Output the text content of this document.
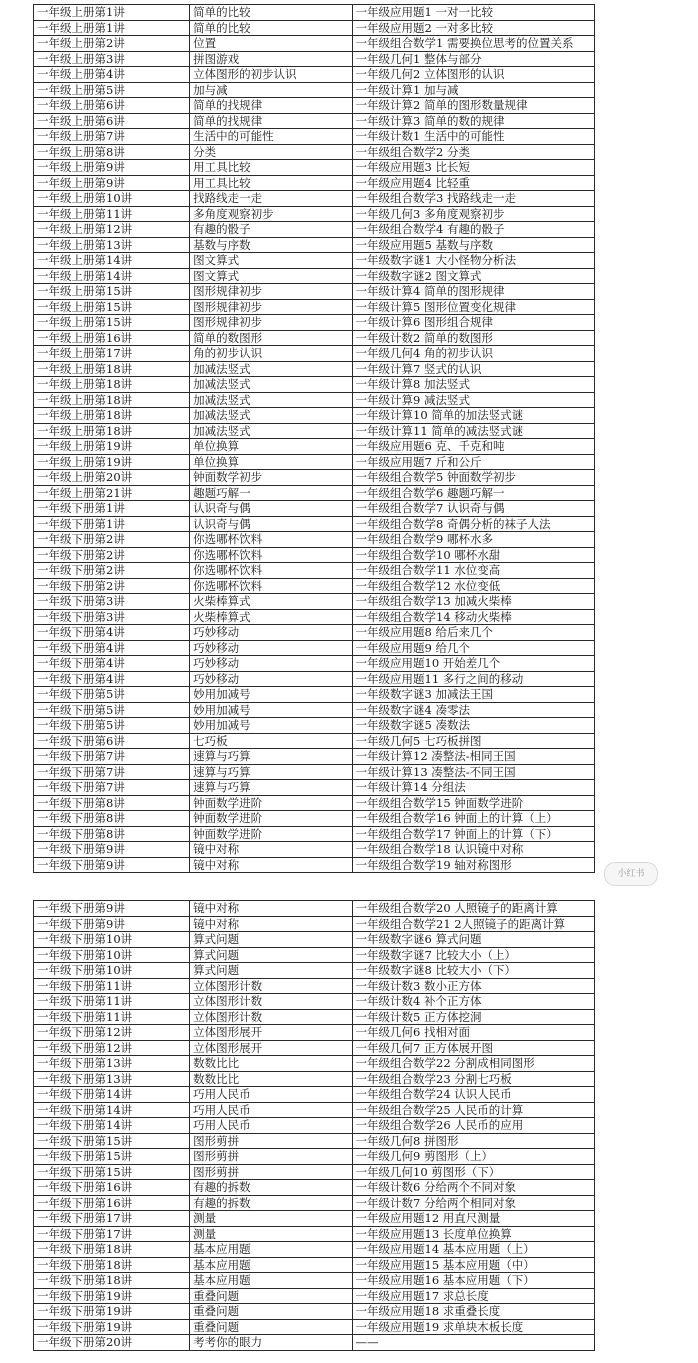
一年级上册第1讲	简单的比较	一年级应用题1 一对一比较
一年级上册第1讲	简单的比较	一年级应用题2 一对多比较
一年级上册第2讲	位置	一年级组合数学1 需要换位思考的位置关系
一年级上册第3讲	拼图游戏	一年级几何1 整体与部分
一年级上册第4讲	立体图形的初步认识	一年级几何2 立体图形的认识
一年级上册第5讲	加与减	一年级计算1 加与减
一年级上册第6讲	简单的找规律	一年级计算2 简单的图形数量规律
一年级上册第6讲	简单的找规律	一年级计算3 简单的数的规律
一年级上册第7讲	生活中的可能性	一年级计数1 生活中的可能性
一年级上册第8讲	分类	一年级组合数学2 分类
一年级上册第9讲	用工具比较	一年级应用题3 比长短
一年级上册第9讲	用工具比较	一年级应用题4 比轻重
一年级上册第10讲	找路线走一走	一年级组合数学3 找路线走一走
一年级上册第11讲	多角度观察初步	一年级几何3 多角度观察初步
一年级上册第12讲	有趣的骰子	一年级组合数学4 有趣的骰子
一年级上册第13讲	基数与序数	一年级应用题5 基数与序数
一年级上册第14讲	图文算式	一年级数字谜1 大小怪物分析法
一年级上册第14讲	图文算式	一年级数字谜2 图文算式
一年级上册第15讲	图形规律初步	一年级计算4 简单的图形规律
一年级上册第15讲	图形规律初步	一年级计算5 图形位置变化规律
一年级上册第15讲	图形规律初步	一年级计算6 图形组合规律
一年级上册第16讲	简单的数图形	一年级计数2 简单的数图形
一年级上册第17讲	角的初步认识	一年级几何4 角的初步认识
一年级上册第18讲	加减法竖式	一年级计算7 竖式的认识
一年级上册第18讲	加减法竖式	一年级计算8 加法竖式
一年级上册第18讲	加减法竖式	一年级计算9 减法竖式
一年级上册第18讲	加减法竖式	一年级计算10 简单的加法竖式谜
一年级上册第18讲	加减法竖式	一年级计算11 简单的减法竖式谜
一年级上册第19讲	单位换算	一年级应用题6 克、千克和吨
一年级上册第19讲	单位换算	一年级应用题7 斤和公斤
一年级上册第20讲	钟面数学初步	一年级组合数学5 钟面数学初步
一年级上册第21讲	趣题巧解一	一年级组合数学6 趣题巧解一
一年级下册第1讲	认识奇与偶	一年级组合数学7 认识奇与偶
一年级下册第1讲	认识奇与偶	一年级组合数学8 奇偶分析的袜子人法
一年级下册第2讲	你选哪杯饮料	一年级组合数学9 哪杯水多
一年级下册第2讲	你选哪杯饮料	一年级组合数学10 哪杯水甜
一年级下册第2讲	你选哪杯饮料	一年级组合数学11 水位变高
一年级下册第2讲	你选哪杯饮料	一年级组合数学12 水位变低
一年级下册第3讲	火柴棒算式	一年级组合数学13 加减火柴棒
一年级下册第3讲	火柴棒算式	一年级组合数学14 移动火柴棒
一年级下册第4讲	巧妙移动	一年级应用题8 给后来几个
一年级下册第4讲	巧妙移动	一年级应用题9 给几个
一年级下册第4讲	巧妙移动	一年级应用题10 开始差几个
一年级下册第4讲	巧妙移动	一年级应用题11 多行之间的移动
一年级下册第5讲	妙用加减号	一年级数字谜3 加减法王国
一年级下册第5讲	妙用加减号	一年级数字谜4 凑零法
一年级下册第5讲	妙用加减号	一年级数字谜5 凑数法
一年级下册第6讲	七巧板	一年级几何5 七巧板拼图
一年级下册第7讲	速算与巧算	一年级计算12 凑整法-相同王国
一年级下册第7讲	速算与巧算	一年级计算13 凑整法-不同王国
一年级下册第7讲	速算与巧算	一年级计算14 分组法
一年级下册第8讲	钟面数学进阶	一年级组合数学15 钟面数学进阶
一年级下册第8讲	钟面数学进阶	一年级组合数学16 钟面上的计算（上）
一年级下册第8讲	钟面数学进阶	一年级组合数学17 钟面上的计算（下）
一年级下册第9讲	镜中对称	一年级组合数学18 认识镜中对称
一年级下册第9讲	镜中对称	一年级组合数学19 轴对称图形
一年级下册第9讲	镜中对称	一年级组合数学20 人照镜子的距离计算
一年级下册第9讲	镜中对称	一年级组合数学21 2人照镜子的距离计算
一年级下册第10讲	算式问题	一年级数字谜6 算式问题
一年级下册第10讲	算式问题	一年级数字谜7 比较大小（上）
一年级下册第10讲	算式问题	一年级数字谜8 比较大小（下）
一年级下册第11讲	立体图形计数	一年级计数3 数小正方体
一年级下册第11讲	立体图形计数	一年级计数4 补个正方体
一年级下册第11讲	立体图形计数	一年级计数5 正方体挖洞
一年级下册第12讲	立体图形展开	一年级几何6 找相对面
一年级下册第12讲	立体图形展开	一年级几何7 正方体展开图
一年级下册第13讲	数数比比	一年级组合数学22 分割成相同图形
一年级下册第13讲	数数比比	一年级组合数学23 分割七巧板
一年级下册第14讲	巧用人民币	一年级组合数学24 认识人民币
一年级下册第14讲	巧用人民币	一年级组合数学25 人民币的计算
一年级下册第14讲	巧用人民币	一年级组合数学26 人民币的应用
一年级下册第15讲	图形剪拼	一年级几何8 拼图形
一年级下册第15讲	图形剪拼	一年级几何9 剪图形（上）
一年级下册第15讲	图形剪拼	一年级几何10 剪图形（下）
一年级下册第16讲	有趣的拆数	一年级计数6 分给两个不同对象
一年级下册第16讲	有趣的拆数	一年级计数7 分给两个相同对象
一年级下册第17讲	测量	一年级应用题12 用直尺测量
一年级下册第17讲	测量	一年级应用题13 长度单位换算
一年级下册第18讲	基本应用题	一年级应用题14 基本应用题（上）
一年级下册第18讲	基本应用题	一年级应用题15 基本应用题（中）
一年级下册第18讲	基本应用题	一年级应用题16 基本应用题（下）
一年级下册第19讲	重叠问题	一年级应用题17 求总长度
一年级下册第19讲	重叠问题	一年级应用题18 求重叠长度
一年级下册第19讲	重叠问题	一年级应用题19 求单块木板长度
一年级下册第20讲	考考你的眼力	——
小红书
